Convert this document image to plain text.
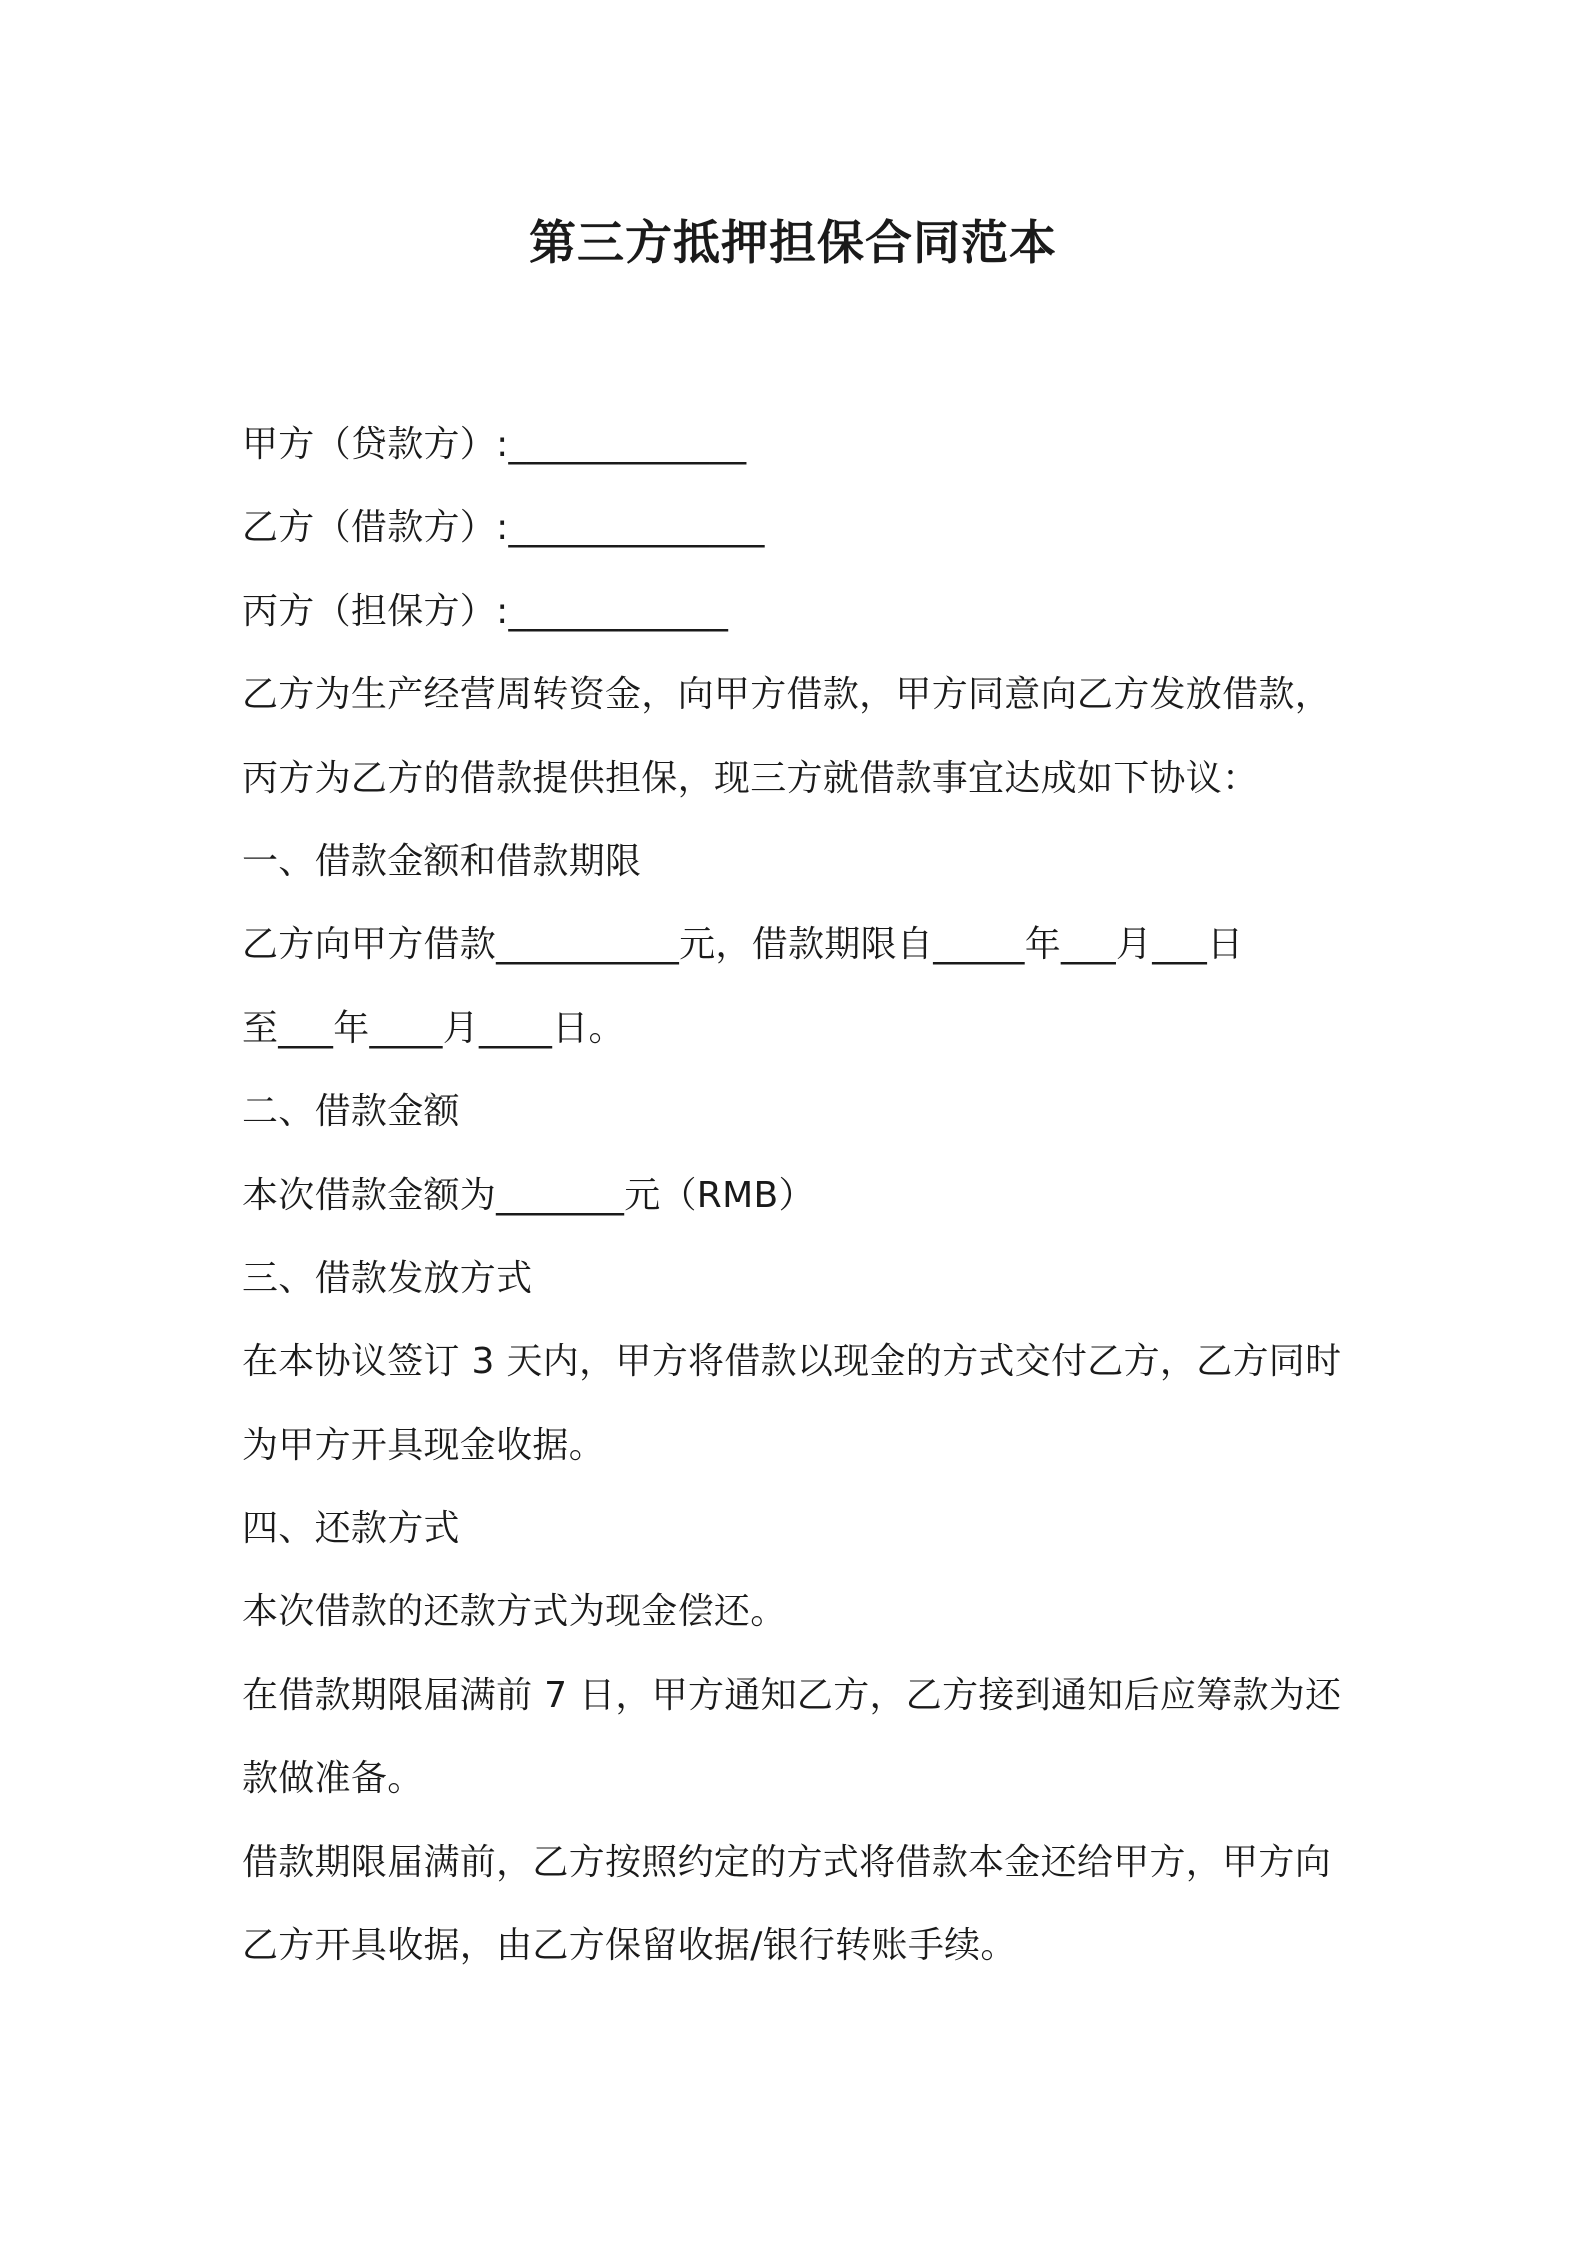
第三方抵押担保合同范本
甲方（贷款方）:_____________
乙方（借款方）:______________
丙方（担保方）:____________
乙方为生产经营周转资金，向甲方借款，甲方同意向乙方发放借款，
丙方为乙方的借款提供担保，现三方就借款事宜达成如下协议：
一、借款金额和借款期限
乙方向甲方借款__________元，借款期限自_____年___月___日
至___年____月____日。
二、借款金额
本次借款金额为_______元（RMB）
三、借款发放方式
在本协议签订 3 天内，甲方将借款以现金的方式交付乙方，乙方同时
为甲方开具现金收据。
四、还款方式
本次借款的还款方式为现金偿还。
在借款期限届满前 7 日，甲方通知乙方，乙方接到通知后应筹款为还
款做准备。
借款期限届满前，乙方按照约定的方式将借款本金还给甲方，甲方向
乙方开具收据，由乙方保留收据/银行转账手续。
